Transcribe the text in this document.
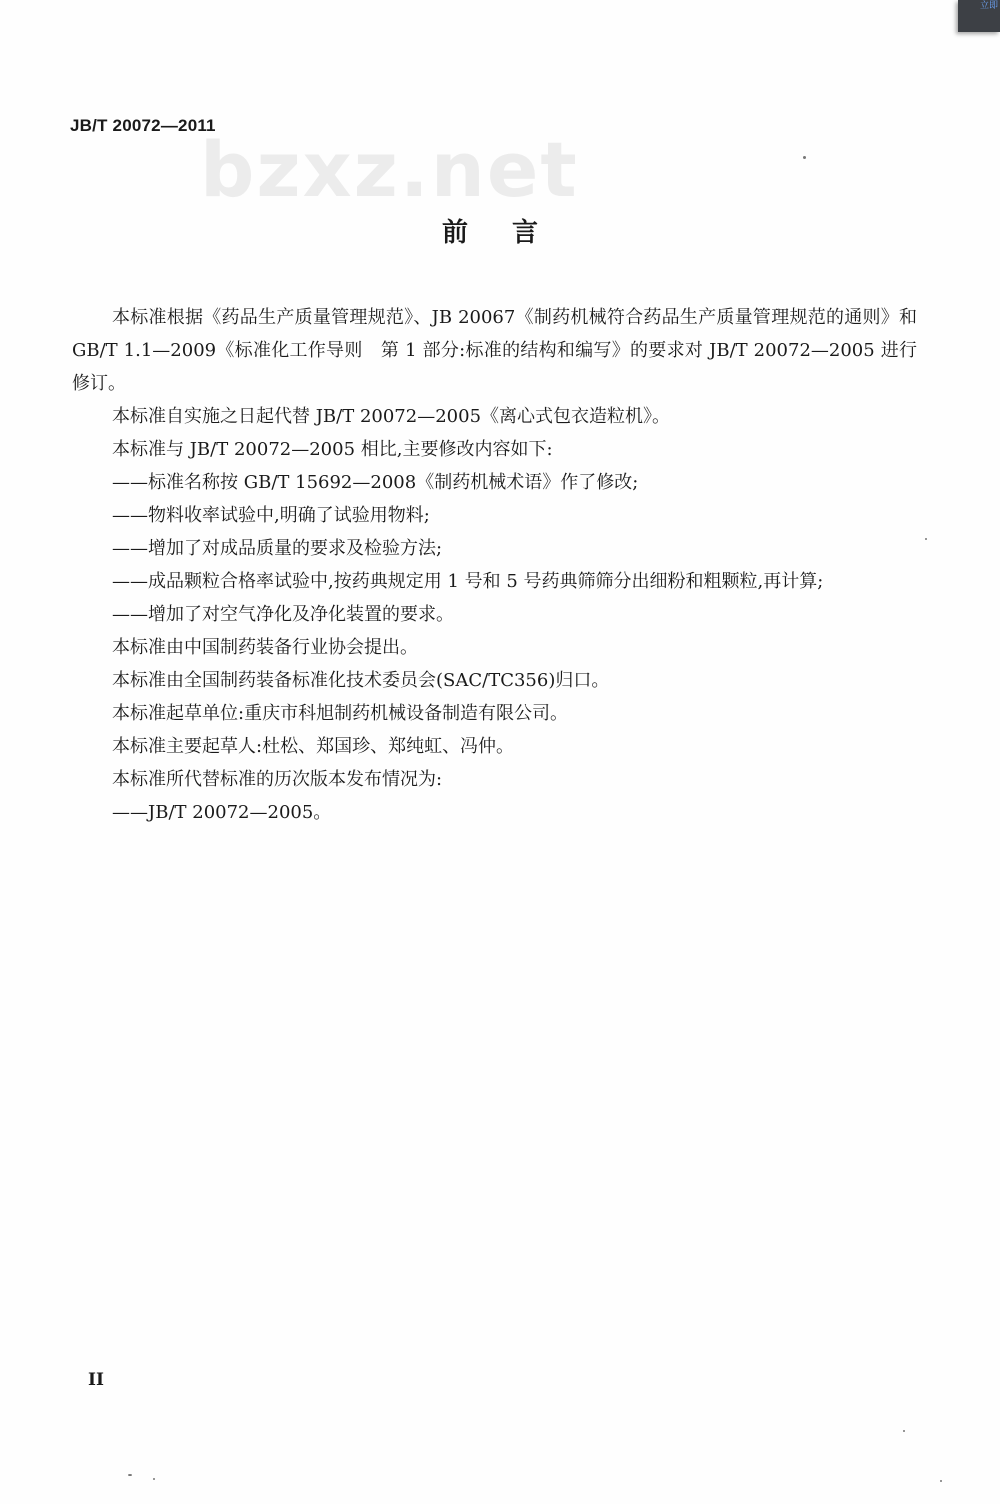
立即
JB/T 20072—2011
bzxz.net
前言

本标准根据《药品生产质量管理规范》、JB 20067《制药机械符合药品生产质量管理规范的通则》和 GB/T 1.1—2009《标准化工作导则　第 1 部分:标准的结构和编写》的要求对 JB/T 20072—2005 进行修订。

本标准自实施之日起代替 JB/T 20072—2005《离心式包衣造粒机》。

本标准与 JB/T 20072—2005 相比,主要修改内容如下:

——标准名称按 GB/T 15692—2008《制药机械术语》作了修改;

——物料收率试验中,明确了试验用物料;

——增加了对成品质量的要求及检验方法;

——成品颗粒合格率试验中,按药典规定用 1 号和 5 号药典筛筛分出细粉和粗颗粒,再计算;

——增加了对空气净化及净化装置的要求。

本标准由中国制药装备行业协会提出。

本标准由全国制药装备标准化技术委员会(SAC/TC356)归口。

本标准起草单位:重庆市科旭制药机械设备制造有限公司。

本标准主要起草人:杜松、郑国珍、郑纯虹、冯仲。

本标准所代替标准的历次版本发布情况为:

——JB/T 20072—2005。

II
